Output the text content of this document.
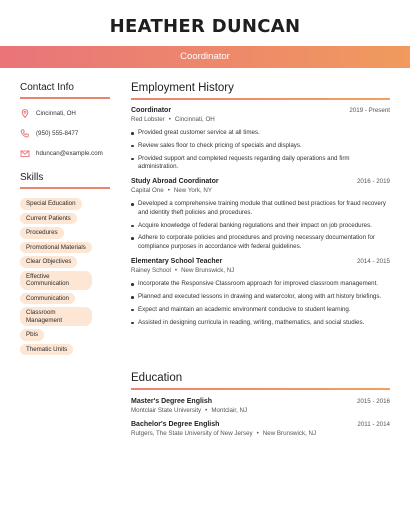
HEATHER DUNCAN
Coordinator
Contact Info
Cincinnati, OH
(950) 555-8477
hduncan@example.com
Skills
Special Education
Current Patients
Procedures
Promotional Materials
Clear Objectives
Effective Communication
Communication
Classroom Management
Pbis
Thematic Units
Employment History
Coordinator	2019 - Present
Red Lobster • Cincinnati, OH
Provided great customer service at all times.
Review sales floor to check pricing of specials and displays.
Provided support and completed requests regarding daily operations and firm administration.
Study Abroad Coordinator	2016 - 2019
Capital One • New York, NY
Developed a comprehensive training module that outlined best practices for fraud recovery and identity theft policies and procedures.
Acquire knowledge of federal banking regulations and their impact on job procedures.
Adhere to corporate policies and procedures and proving necessary documentation for compliance purposes in accordance with federal guidelines.
Elementary School Teacher	2014 - 2015
Rainey School • New Brunswick, NJ
Incorporate the Responsive Classroom approach for improved classroom management.
Planned and executed lessons in drawing and watercolor, along with art history briefings.
Expect and maintain an academic environment conducive to student learning.
Assisted in designing curricula in reading, writing, mathematics, and social studies.
Education
Master's Degree English	2015 - 2016
Montclair State University • Montclair, NJ
Bachelor's Degree English	2011 - 2014
Rutgers, The State University of New Jersey • New Brunswick, NJ
